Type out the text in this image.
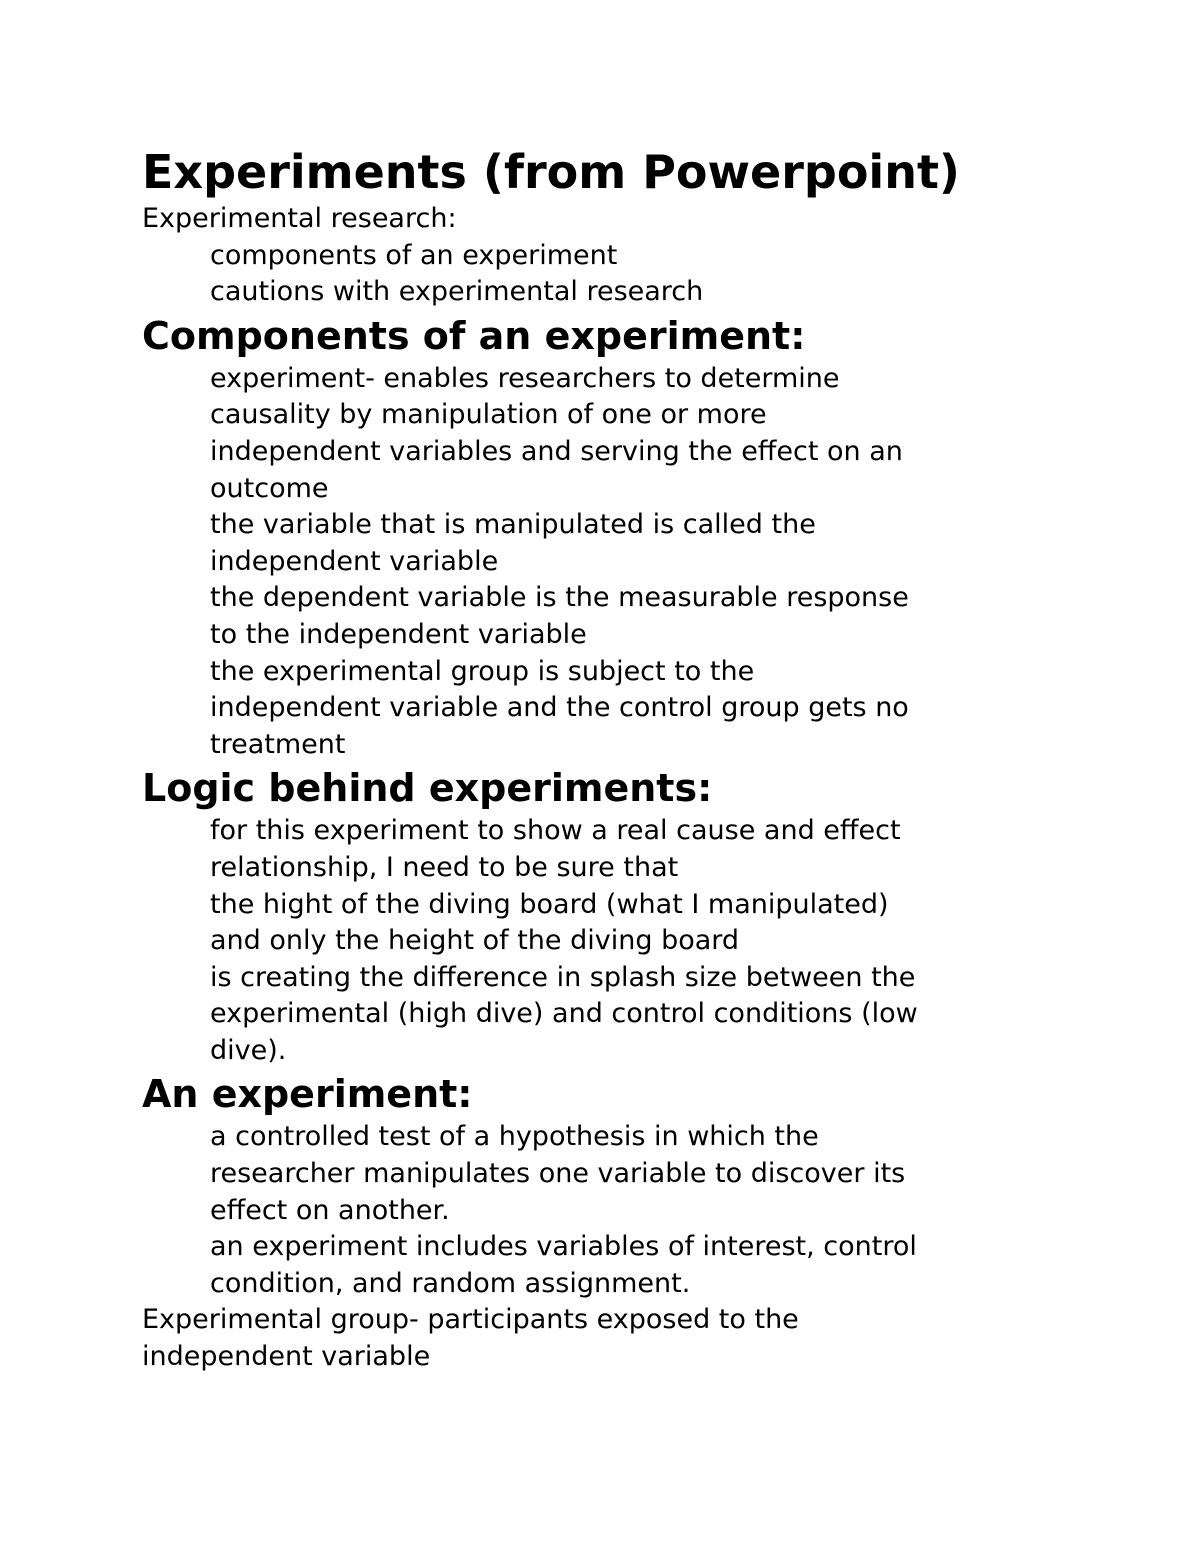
Experiments (from Powerpoint)
Experimental research:
components of an experiment
cautions with experimental research
Components of an experiment:
experiment- enables researchers to determine
causality by manipulation of one or more
independent variables and serving the effect on an
outcome
the variable that is manipulated is called the
independent variable
the dependent variable is the measurable response
to the independent variable
the experimental group is subject to the
independent variable and the control group gets no
treatment
Logic behind experiments:
for this experiment to show a real cause and effect
relationship, I need to be sure that
the hight of the diving board (what I manipulated)
and only the height of the diving board
is creating the difference in splash size between the
experimental (high dive) and control conditions (low
dive).
An experiment:
a controlled test of a hypothesis in which the
researcher manipulates one variable to discover its
effect on another.
an experiment includes variables of interest, control
condition, and random assignment.
Experimental group- participants exposed to the
independent variable
